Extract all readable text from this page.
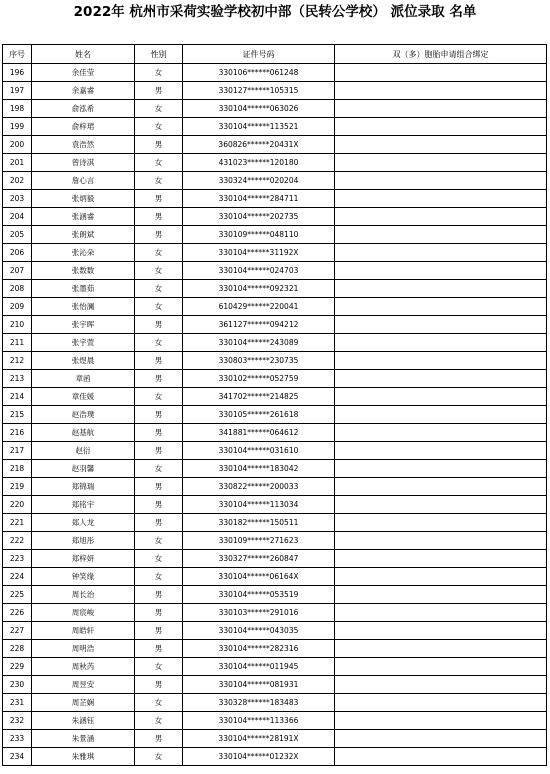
2022年 杭州市采荷实验学校初中部（民转公学校） 派位录取 名单
序号	姓名	性别	证件号码	双（多）胞胎申请组合绑定
196	余佳莹	女	330106******061248	
197	余嘉睿	男	330127******105315	
198	俞泓希	女	330104******063026	
199	俞梓珺	女	330104******113521	
200	袁浩然	男	360826******20431X	
201	曾诗淇	女	431023******120180	
202	詹心言	女	330324******020204	
203	张炳毅	男	330104******284711	
204	张涵睿	男	330104******202735	
205	张朗斌	男	330109******048110	
206	张沁朵	女	330104******31192X	
207	张数数	女	330104******024703	
208	张墨茹	女	330104******092321	
209	张怡澜	女	610429******220041	
210	张宇晖	男	361127******094212	
211	张宇萱	女	330104******243089	
212	张煜晨	男	330803******230735	
213	章函	男	330102******052759	
214	章佳媛	女	341702******214825	
215	赵浩璞	男	330105******261618	
216	赵基航	男	341881******064612	
217	赵衍	男	330104******031610	
218	赵羽馨	女	330104******183042	
219	郑锦瑞	男	330822******200033	
220	郑铭宇	男	330104******113034	
221	郑人龙	男	330182******150511	
222	郑旭彤	女	330109******271623	
223	郑梓妍	女	330327******260847	
224	钟笑缘	女	330104******06164X	
225	周长治	男	330104******053519	
226	周宸峻	男	330103******291016	
227	周皓轩	男	330104******043035	
228	周明浩	男	330104******282316	
229	周秋芮	女	330104******011945	
230	周昱安	男	330104******081931	
231	周芷娴	女	330328******183483	
232	朱涵钰	女	330104******113366	
233	朱景涵	男	330104******28191X	
234	朱雅琪	女	330104******01232X	
